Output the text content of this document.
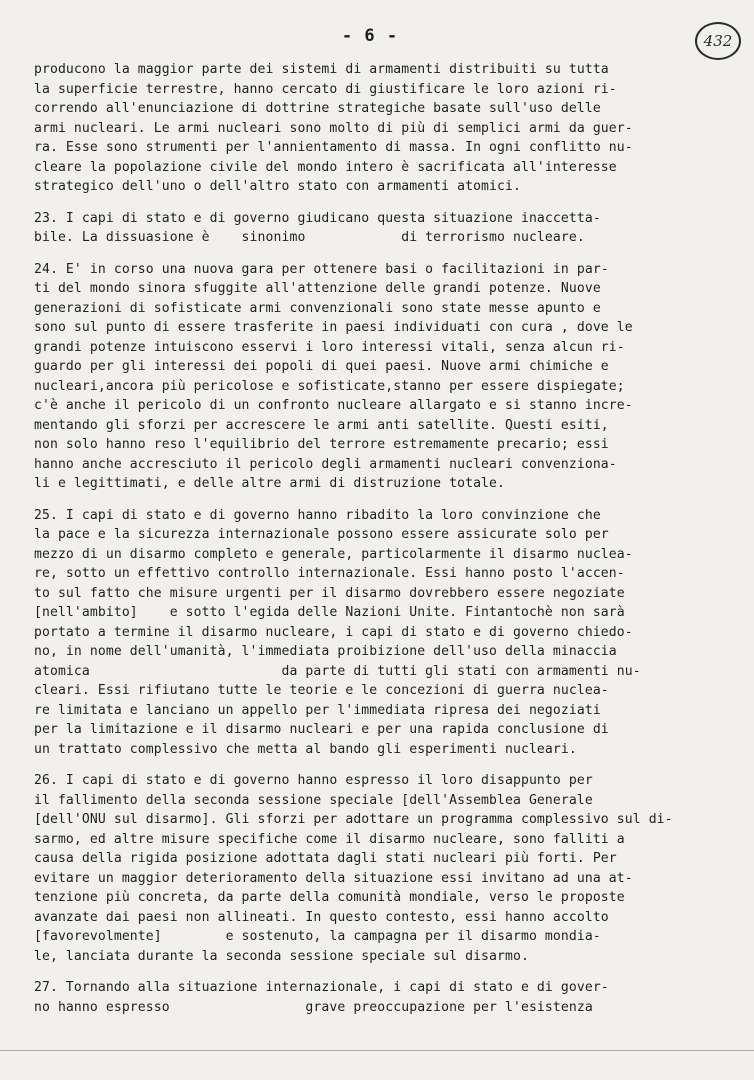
- 6 -	432
producono la maggior parte dei sistemi di armamenti distribuiti su tutta
la superficie terrestre, hanno cercato di giustificare le loro azioni ri-
correndo all'enunciazione di dottrine strategiche basate sull'uso delle
armi nucleari. Le armi nucleari sono molto di più di semplici armi da guer-
ra. Esse sono strumenti per l'annientamento di massa. In ogni conflitto nu-
cleare la popolazione civile del mondo intero è sacrificata all'interesse
strategico dell'uno o dell'altro stato con armamenti atomici.
23. I capi di stato e di governo giudicano questa situazione inaccetta-
bile. La dissuasione è    sinonimo            di terrorismo nucleare.
24. E' in corso una nuova gara per ottenere basi o facilitazioni in par-
ti del mondo sinora sfuggite all'attenzione delle grandi potenze. Nuove
generazioni di sofisticate armi convenzionali sono state messe apunto e
sono sul punto di essere trasferite in paesi individuati con cura , dove le
grandi potenze intuiscono esservi i loro interessi vitali, senza alcun ri-
guardo per gli interessi dei popoli di quei paesi. Nuove armi chimiche e
nucleari,ancora più pericolose e sofisticate,stanno per essere dispiegate;
c'è anche il pericolo di un confronto nucleare allargato e si stanno incre-
mentando gli sforzi per accrescere le armi anti satellite. Questi esiti,
non solo hanno reso l'equilibrio del terrore estremamente precario; essi
hanno anche accresciuto il pericolo degli armamenti nucleari convenziona-
li e legittimati, e delle altre armi di distruzione totale.
25. I capi di stato e di governo hanno ribadito la loro convinzione che
la pace e la sicurezza internazionale possono essere assicurate solo per
mezzo di un disarmo completo e generale, particolarmente il disarmo nuclea-
re, sotto un effettivo controllo internazionale. Essi hanno posto l'accen-
to sul fatto che misure urgenti per il disarmo dovrebbero essere negoziate
[nell'ambito]    e sotto l'egida delle Nazioni Unite. Fintantochè non sarà
portato a termine il disarmo nucleare, i capi di stato e di governo chiedo-
no, in nome dell'umanità, l'immediata proibizione dell'uso della minaccia
atomica                        da parte di tutti gli stati con armamenti nu-
cleari. Essi rifiutano tutte le teorie e le concezioni di guerra nuclea-
re limitata e lanciano un appello per l'immediata ripresa dei negoziati
per la limitazione e il disarmo nucleari e per una rapida conclusione di
un trattato complessivo che metta al bando gli esperimenti nucleari.
26. I capi di stato e di governo hanno espresso il loro disappunto per
il fallimento della seconda sessione speciale [dell'Assemblea Generale
[dell'ONU sul disarmo]. Gli sforzi per adottare un programma complessivo sul di-
sarmo, ed altre misure specifiche come il disarmo nucleare, sono falliti a
causa della rigida posizione adottata dagli stati nucleari più forti. Per
evitare un maggior deterioramento della situazione essi invitano ad una at-
tenzione più concreta, da parte della comunità mondiale, verso le proposte
avanzate dai paesi non allineati. In questo contesto, essi hanno accolto
[favorevolmente]        e sostenuto, la campagna per il disarmo mondia-
le, lanciata durante la seconda sessione speciale sul disarmo.
27. Tornando alla situazione internazionale, i capi di stato e di gover-
no hanno espresso                 grave preoccupazione per l'esistenza
